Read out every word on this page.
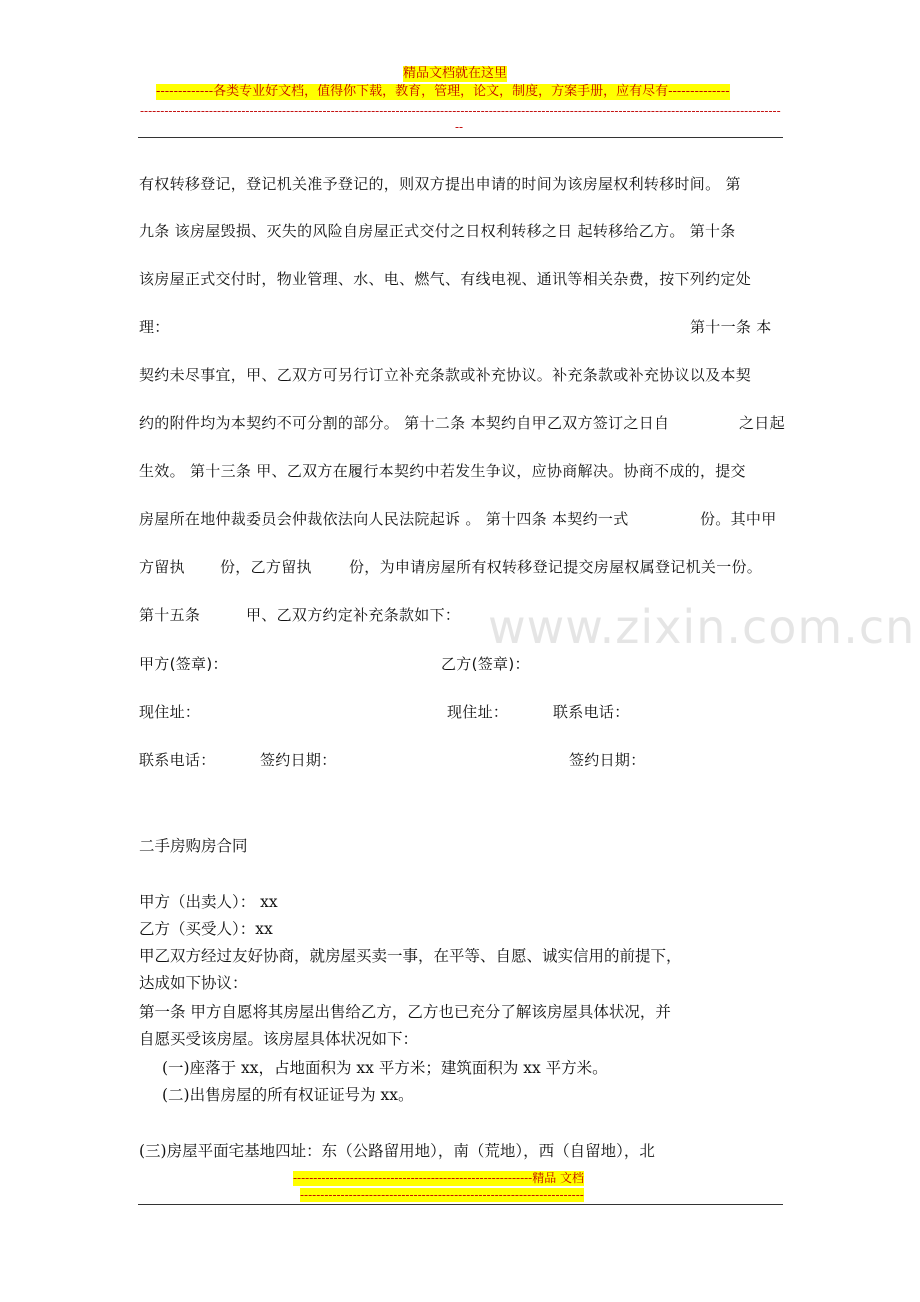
精品文档就在这里
-------------各类专业好文档，值得你下载，教育，管理，论文，制度，方案手册，应有尽有--------------
--------------------------------------------------------------------------------------------------------------------------------------------------------------
--
有权转移登记，登记机关准予登记的，则双方提出申请的时间为该房屋权利转移时间。 第
九条 该房屋毁损、灭失的风险自房屋正式交付之日权利转移之日 起转移给乙方。 第十条
该房屋正式交付时，物业管理、水、电、燃气、有线电视、通讯等相关杂费，按下列约定处
理：	第十一条 本
契约未尽事宜，甲、乙双方可另行订立补充条款或补充协议。补充条款或补充协议以及本契
约的附件均为本契约不可分割的部分。 第十二条 本契约自甲乙双方签订之日自	之日起
生效。 第十三条 甲、乙双方在履行本契约中若发生争议，应协商解决。协商不成的，提交
房屋所在地仲裁委员会仲裁依法向人民法院起诉 。 第十四条 本契约一式	份。其中甲
方留执 份，乙方留执 份，为申请房屋所有权转移登记提交房屋权属登记机关一份。
第十五条	甲、乙双方约定补充条款如下： www.zixin.com.cn
甲方(签章)：	乙方(签章)：
现住址：	现住址：	联系电话：
联系电话：	签约日期：	签约日期：
二手房购房合同
甲方（出卖人）： xx
乙方（买受人）：xx
甲乙双方经过友好协商，就房屋买卖一事，在平等、自愿、诚实信用的前提下，
达成如下协议：
第一条 甲方自愿将其房屋出售给乙方，乙方也已充分了解该房屋具体状况，并
自愿买受该房屋。该房屋具体状况如下：
(一)座落于 xx，占地面积为 xx 平方米；建筑面积为 xx 平方米。
(二)出售房屋的所有权证证号为 xx。
(三)房屋平面宅基地四址：东（公路留用地），南（荒地），西（自留地），北
-----------------------------------------------------------精品 文档
----------------------------------------------------------------------
